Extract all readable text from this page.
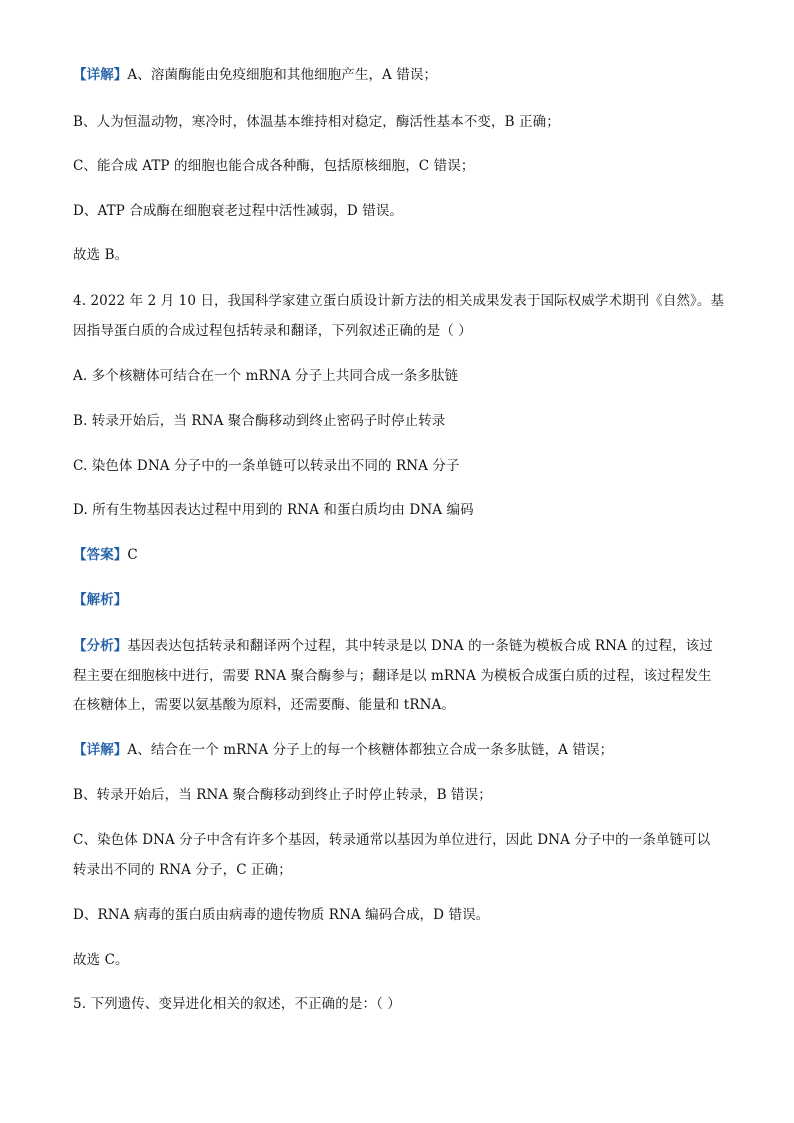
【详解】A、溶菌酶能由免疫细胞和其他细胞产生，A 错误；
B、人为恒温动物，寒冷时，体温基本维持相对稳定，酶活性基本不变，B 正确；
C、能合成 ATP 的细胞也能合成各种酶，包括原核细胞，C 错误；
D、ATP 合成酶在细胞衰老过程中活性减弱，D 错误。
故选 B。
4. 2022 年 2 月 10 日，我国科学家建立蛋白质设计新方法的相关成果发表于国际权威学术期刊《自然》。基
因指导蛋白质的合成过程包括转录和翻译，下列叙述正确的是（ ）
A. 多个核糖体可结合在一个 mRNA 分子上共同合成一条多肽链
B. 转录开始后，当 RNA 聚合酶移动到终止密码子时停止转录
C. 染色体 DNA 分子中的一条单链可以转录出不同的 RNA 分子
D. 所有生物基因表达过程中用到的 RNA 和蛋白质均由 DNA 编码
【答案】C
【解析】
【分析】基因表达包括转录和翻译两个过程，其中转录是以 DNA 的一条链为模板合成 RNA 的过程，该过
程主要在细胞核中进行，需要 RNA 聚合酶参与；翻译是以 mRNA 为模板合成蛋白质的过程，该过程发生
在核糖体上，需要以氨基酸为原料，还需要酶、能量和 tRNA。
【详解】A、结合在一个 mRNA 分子上的每一个核糖体都独立合成一条多肽链，A 错误；
B、转录开始后，当 RNA 聚合酶移动到终止子时停止转录，B 错误；
C、染色体 DNA 分子中含有许多个基因，转录通常以基因为单位进行，因此 DNA 分子中的一条单链可以
转录出不同的 RNA 分子，C 正确；
D、RNA 病毒的蛋白质由病毒的遗传物质 RNA 编码合成，D 错误。
故选 C。
5. 下列遗传、变异进化相关的叙述，不正确的是：（ ）
